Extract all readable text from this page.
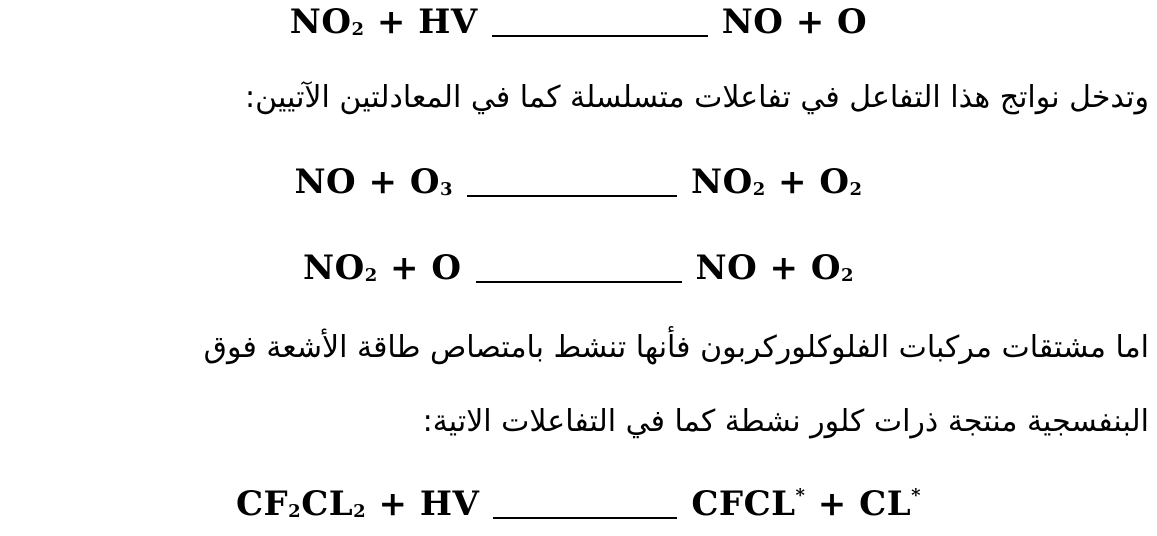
$NO_2$ + HV	NO + O
وتدخل نواتج هذا التفاعل في تفاعلات متسلسلة كما في المعادلتين الآتيين:
NO + $O_3$	$NO_2 + O_2$
$NO_2 + O$	NO + $O_2$
اما مشتقات مركبات الفلوكلوركربون فأنها تنشط بامتصاص طاقة الأشعة فوق
البنفسجية منتجة ذرات كلور نشطة كما في التفاعلات الاتية:
$CF_2CL_2$ + HV	CFCL* + CL*
